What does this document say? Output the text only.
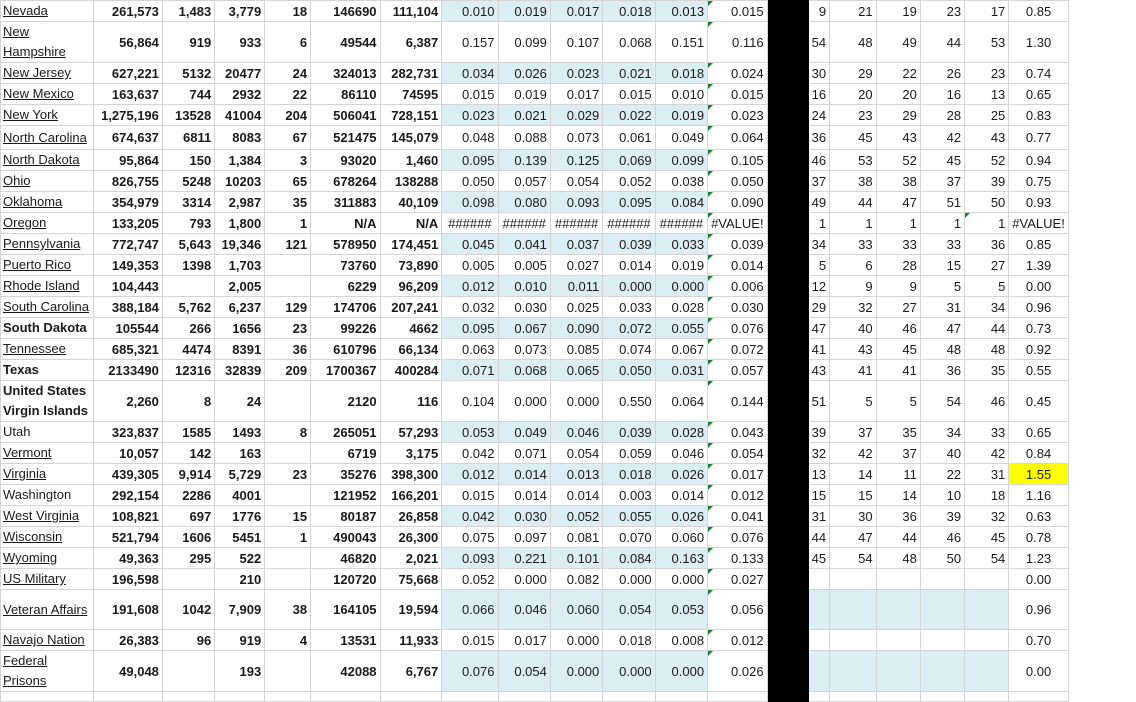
Nevada	261,573	1,483	3,779	18	146690	111,104	0.010	0.019	0.017	0.018	0.013	0.015		9	21	19	23	17	0.85
New Hampshire	56,864	919	933	6	49544	6,387	0.157	0.099	0.107	0.068	0.151	0.116		54	48	49	44	53	1.30
New Jersey	627,221	5132	20477	24	324013	282,731	0.034	0.026	0.023	0.021	0.018	0.024		30	29	22	26	23	0.74
New Mexico	163,637	744	2932	22	86110	74595	0.015	0.019	0.017	0.015	0.010	0.015		16	20	20	16	13	0.65
New York	1,275,196	13528	41004	204	506041	728,151	0.023	0.021	0.029	0.022	0.019	0.023		24	23	29	28	25	0.83
North Carolina	674,637	6811	8083	67	521475	145,079	0.048	0.088	0.073	0.061	0.049	0.064		36	45	43	42	43	0.77
North Dakota	95,864	150	1,384	3	93020	1,460	0.095	0.139	0.125	0.069	0.099	0.105		46	53	52	45	52	0.94
Ohio	826,755	5248	10203	65	678264	138288	0.050	0.057	0.054	0.052	0.038	0.050		37	38	38	37	39	0.75
Oklahoma	354,979	3314	2,987	35	311883	40,109	0.098	0.080	0.093	0.095	0.084	0.090		49	44	47	51	50	0.93
Oregon	133,205	793	1,800	1	N/A	N/A	######	######	######	######	######	#VALUE!		1	1	1	1	1	#VALUE!
Pennsylvania	772,747	5,643	19,346	121	578950	174,451	0.045	0.041	0.037	0.039	0.033	0.039		34	33	33	33	36	0.85
Puerto Rico	149,353	1398	1,703		73760	73,890	0.005	0.005	0.027	0.014	0.019	0.014		5	6	28	15	27	1.39
Rhode Island	104,443		2,005		6229	96,209	0.012	0.010	0.011	0.000	0.000	0.006		12	9	9	5	5	0.00
South Carolina	388,184	5,762	6,237	129	174706	207,241	0.032	0.030	0.025	0.033	0.028	0.030		29	32	27	31	34	0.96
South Dakota	105544	266	1656	23	99226	4662	0.095	0.067	0.090	0.072	0.055	0.076		47	40	46	47	44	0.73
Tennessee	685,321	4474	8391	36	610796	66,134	0.063	0.073	0.085	0.074	0.067	0.072		41	43	45	48	48	0.92
Texas	2133490	12316	32839	209	1700367	400284	0.071	0.068	0.065	0.050	0.031	0.057		43	41	41	36	35	0.55
United States Virgin Islands	2,260	8	24		2120	116	0.104	0.000	0.000	0.550	0.064	0.144		51	5	5	54	46	0.45
Utah	323,837	1585	1493	8	265051	57,293	0.053	0.049	0.046	0.039	0.028	0.043		39	37	35	34	33	0.65
Vermont	10,057	142	163		6719	3,175	0.042	0.071	0.054	0.059	0.046	0.054		32	42	37	40	42	0.84
Virginia	439,305	9,914	5,729	23	35276	398,300	0.012	0.014	0.013	0.018	0.026	0.017		13	14	11	22	31	1.55
Washington	292,154	2286	4001		121952	166,201	0.015	0.014	0.014	0.003	0.014	0.012		15	15	14	10	18	1.16
West Virginia	108,821	697	1776	15	80187	26,858	0.042	0.030	0.052	0.055	0.026	0.041		31	30	36	39	32	0.63
Wisconsin	521,794	1606	5451	1	490043	26,300	0.075	0.097	0.081	0.070	0.060	0.076		44	47	44	46	45	0.78
Wyoming	49,363	295	522		46820	2,021	0.093	0.221	0.101	0.084	0.163	0.133		45	54	48	50	54	1.23
US Military	196,598		210		120720	75,668	0.052	0.000	0.082	0.000	0.000	0.027							0.00
Veteran Affairs	191,608	1042	7,909	38	164105	19,594	0.066	0.046	0.060	0.054	0.053	0.056							0.96
Navajo Nation	26,383	96	919	4	13531	11,933	0.015	0.017	0.000	0.018	0.008	0.012							0.70
Federal Prisons	49,048		193		42088	6,767	0.076	0.054	0.000	0.000	0.000	0.026							0.00
